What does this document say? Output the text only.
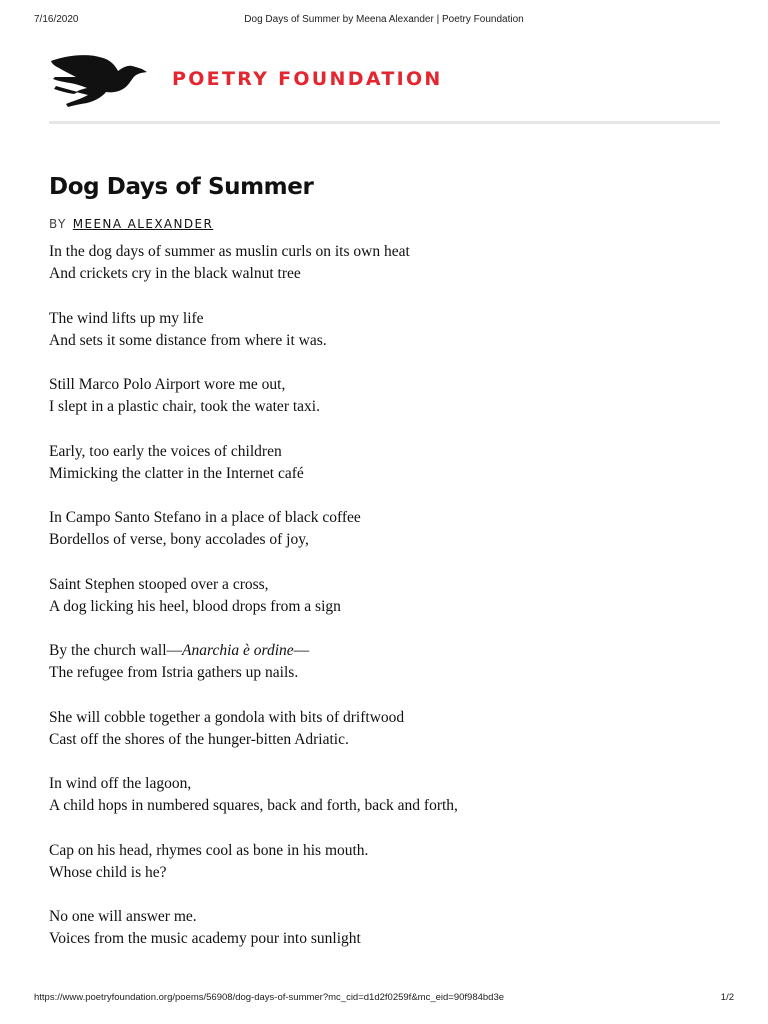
7/16/2020	Dog Days of Summer by Meena Alexander | Poetry Foundation
POETRY FOUNDATION
Dog Days of Summer
BY MEENA ALEXANDER
In the dog days of summer as muslin curls on its own heat
And crickets cry in the black walnut tree
The wind lifts up my life
And sets it some distance from where it was.
Still Marco Polo Airport wore me out,
I slept in a plastic chair, took the water taxi.
Early, too early the voices of children
Mimicking the clatter in the Internet café
In Campo Santo Stefano in a place of black coffee
Bordellos of verse, bony accolades of joy,
Saint Stephen stooped over a cross,
A dog licking his heel, blood drops from a sign
By the church wall—Anarchia è ordine—
The refugee from Istria gathers up nails.
She will cobble together a gondola with bits of driftwood
Cast off the shores of the hunger-bitten Adriatic.
In wind off the lagoon,
A child hops in numbered squares, back and forth, back and forth,
Cap on his head, rhymes cool as bone in his mouth.
Whose child is he?
No one will answer me.
Voices from the music academy pour into sunlight
https://www.poetryfoundation.org/poems/56908/dog-days-of-summer?mc_cid=d1d2f0259f&mc_eid=90f984bd3e	1/2
